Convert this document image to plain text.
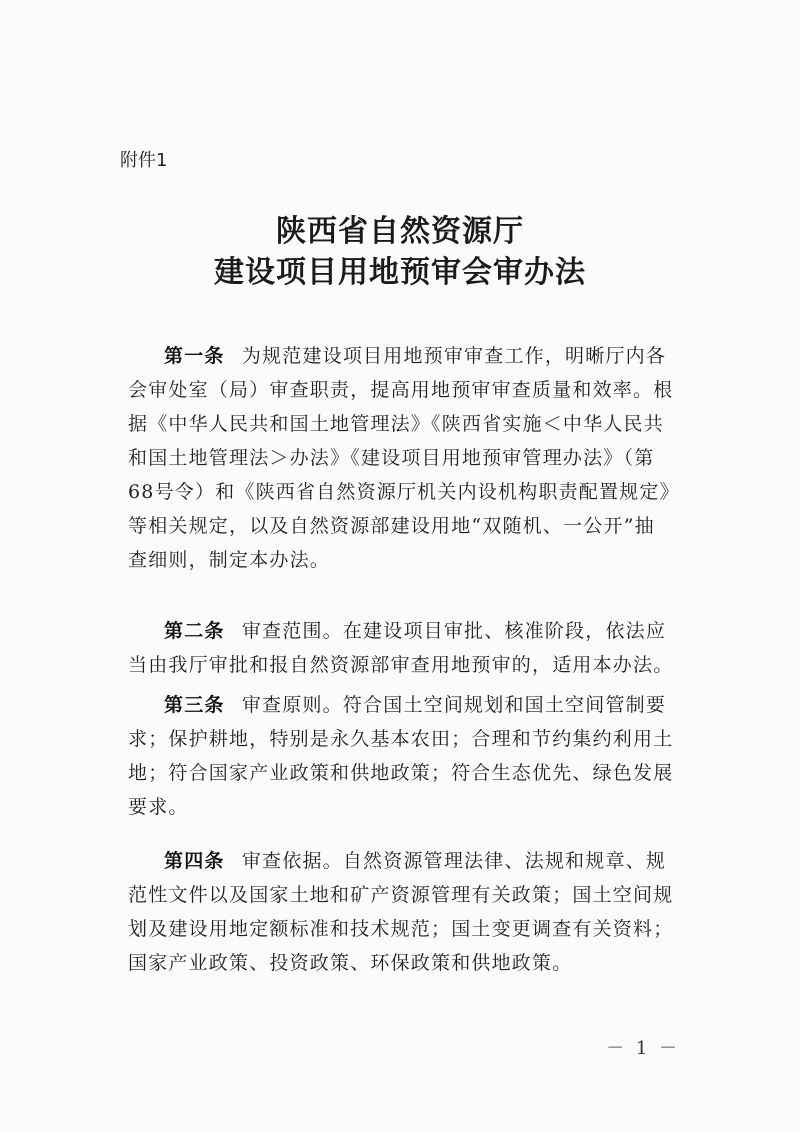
附件1
陕西省自然资源厅
建设项目用地预审会审办法
第一条 为规范建设项目用地预审审查工作，明晰厅内各
会审处室（局）审查职责，提高用地预审审查质量和效率。根
据《中华人民共和国土地管理法》《陕西省实施＜中华人民共
和国土地管理法＞办法》《建设项目用地预审管理办法》（第
68号令）和《陕西省自然资源厅机关内设机构职责配置规定》
等相关规定，以及自然资源部建设用地“双随机、一公开”抽
查细则，制定本办法。
第二条 审查范围。在建设项目审批、核准阶段，依法应
当由我厅审批和报自然资源部审查用地预审的，适用本办法。
第三条 审查原则。符合国土空间规划和国土空间管制要
求；保护耕地，特别是永久基本农田；合理和节约集约利用土
地；符合国家产业政策和供地政策；符合生态优先、绿色发展
要求。
第四条 审查依据。自然资源管理法律、法规和规章、规
范性文件以及国家土地和矿产资源管理有关政策；国土空间规
划及建设用地定额标准和技术规范；国土变更调查有关资料；
国家产业政策、投资政策、环保政策和供地政策。
－ 1 －
